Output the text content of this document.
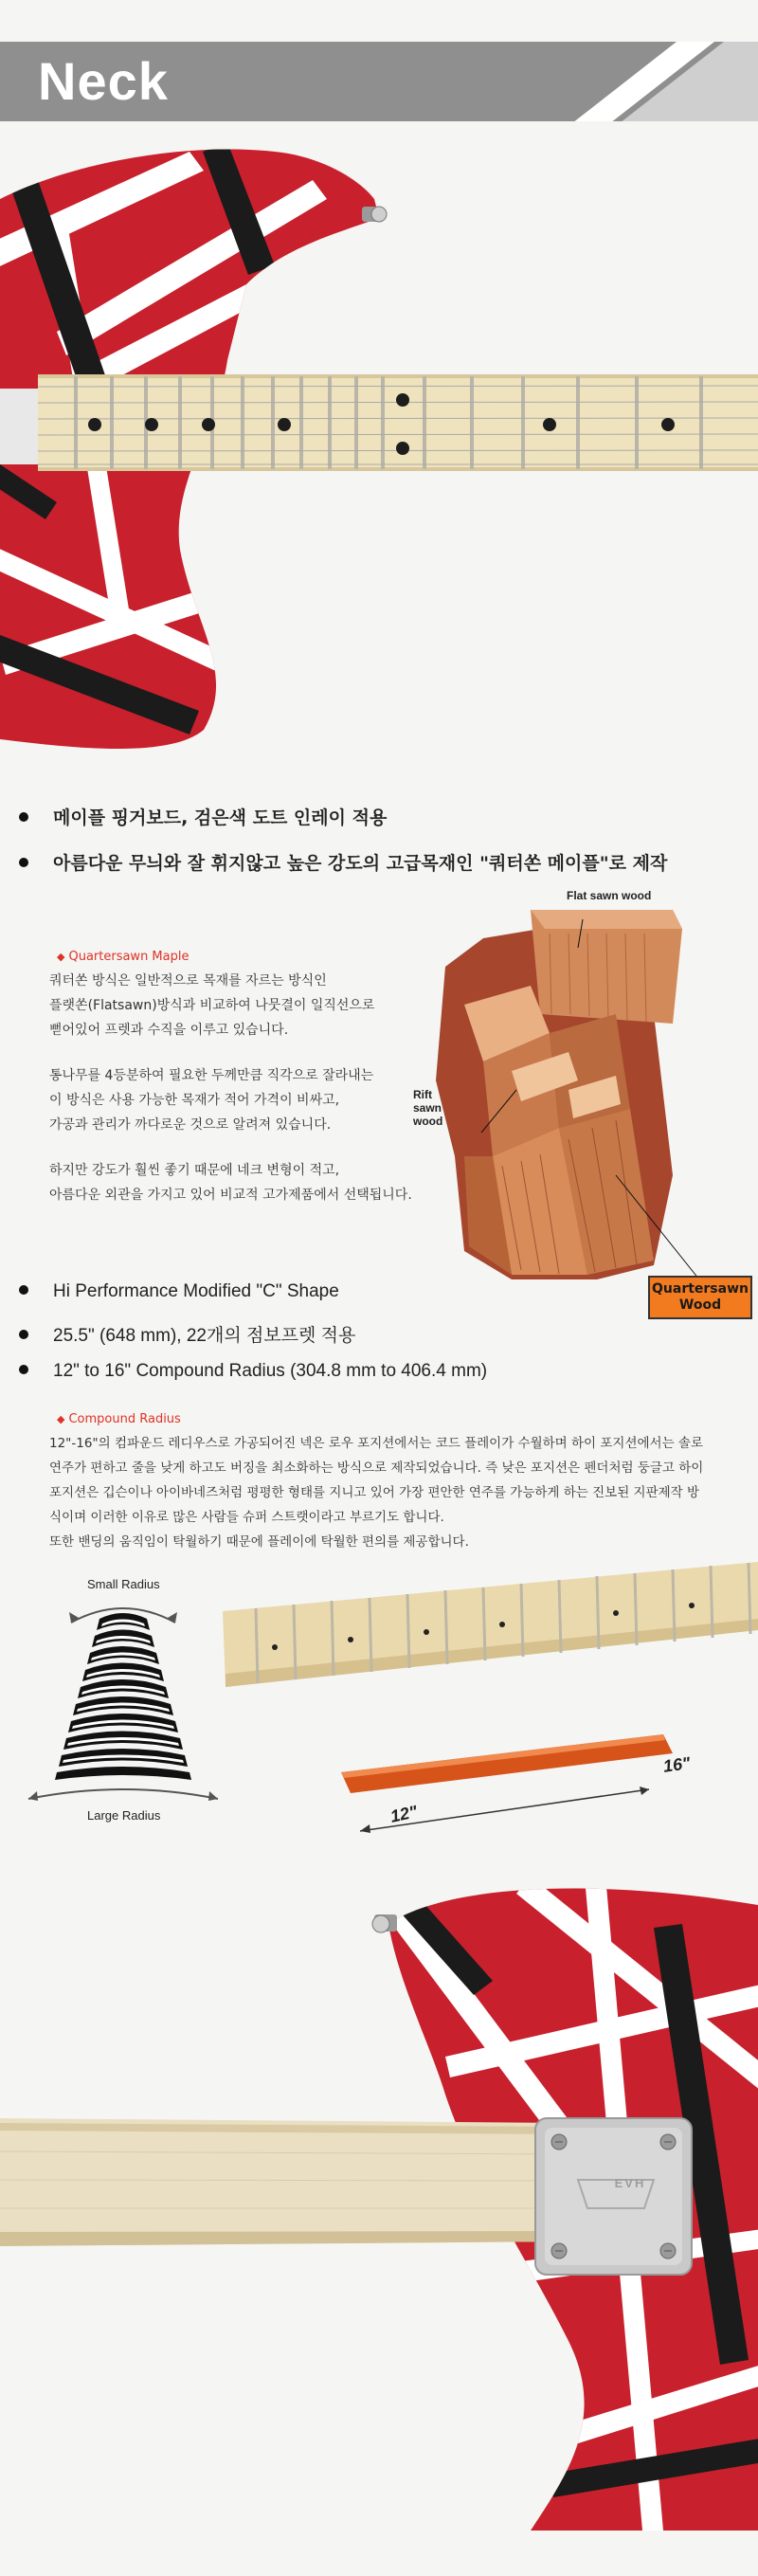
Neck
메이플 핑거보드, 검은색 도트 인레이 적용
아름다운 무늬와 잘 휘지않고 높은 강도의 고급목재인 "쿼터쏜 메이플"로 제작
◆ Quartersawn Maple
쿼터쏜 방식은 일반적으로 목재를 자르는 방식인
플랫쏜(Flatsawn)방식과 비교하여 나뭇결이 일직선으로
뻗어있어 프렛과 수직을 이루고 있습니다.
통나무를 4등분하여 필요한 두께만큼 직각으로 잘라내는
이 방식은 사용 가능한 목재가 적어 가격이 비싸고,
가공과 관리가 까다로운 것으로 알려져 있습니다.
하지만 강도가 훨씬 좋기 때문에 네크 변형이 적고,
아름다운 외관을 가지고 있어 비교적 고가제품에서 선택됩니다.
Flat sawn wood
Rift
sawn
wood
Quartersawn
Wood
Hi Performance Modified "C" Shape
25.5" (648 mm), 22개의 점보프렛 적용
12" to 16" Compound Radius (304.8 mm to 406.4 mm)
◆ Compound Radius
12"-16"의 컴파운드 레디우스로 가공되어진 넥은 로우 포지션에서는 코드 플레이가 수월하며 하이 포지션에서는 솔로
연주가 편하고 줄을 낮게 하고도 버징을 최소화하는 방식으로 제작되었습니다. 즉 낮은 포지션은 펜더처럼 둥글고 하이
포지션은 깁슨이나 아이바네즈처럼 평평한 형태를 지니고 있어 가장 편안한 연주를 가능하게 하는 진보된 지판제작 방
식이며 이러한 이유로 많은 사람들 슈퍼 스트랫이라고 부르기도 합니다.
또한 밴딩의 움직임이 탁월하기 때문에 플레이에 탁월한 편의를 제공합니다.
Small Radius
Large Radius	12"
16"
EVH
